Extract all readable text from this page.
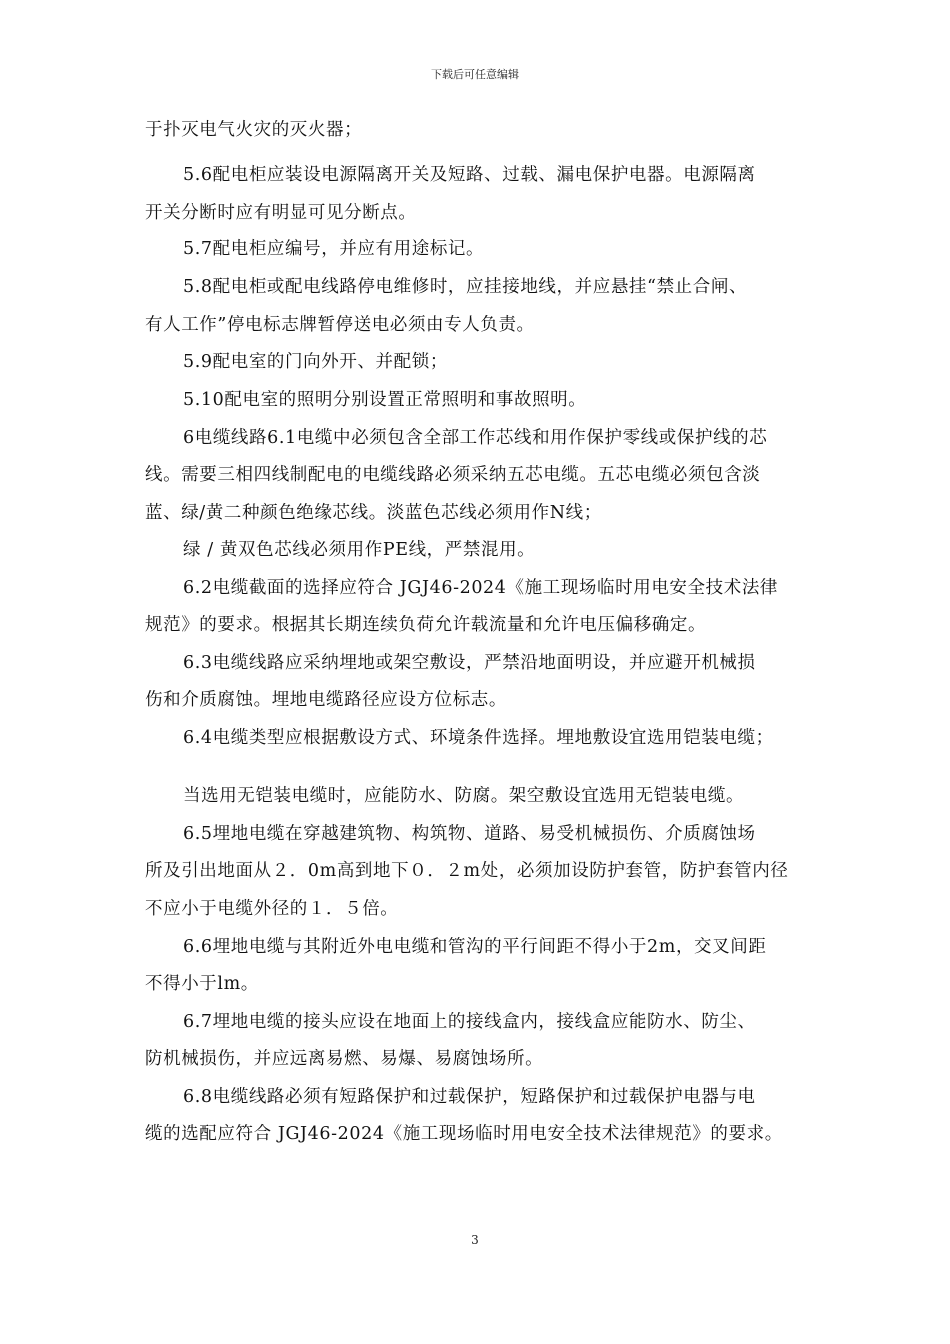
下载后可任意编辑
于扑灭电气火灾的灭火器；
5.6配电柜应装设电源隔离开关及短路、过载、漏电保护电器。电源隔离
开关分断时应有明显可见分断点。
5.7配电柜应编号，并应有用途标记。
5.8配电柜或配电线路停电维修时，应挂接地线，并应悬挂“禁止合闸、
有人工作”停电标志牌暂停送电必须由专人负责。
5.9配电室的门向外开、并配锁；
5.10配电室的照明分别设置正常照明和事故照明。
6电缆线路6.1电缆中必须包含全部工作芯线和用作保护零线或保护线的芯
线。需要三相四线制配电的电缆线路必须采纳五芯电缆。五芯电缆必须包含淡
蓝、绿/黄二种颜色绝缘芯线。淡蓝色芯线必须用作N线；
绿 / 黄双色芯线必须用作PE线，严禁混用。
6.2电缆截面的选择应符合 JGJ46-2024《施工现场临时用电安全技术法律
规范》的要求。根据其长期连续负荷允许载流量和允许电压偏移确定。
6.3电缆线路应采纳埋地或架空敷设，严禁沿地面明设，并应避开机械损
伤和介质腐蚀。埋地电缆路径应设方位标志。
6.4电缆类型应根据敷设方式、环境条件选择。埋地敷设宜选用铠装电缆；
当选用无铠装电缆时，应能防水、防腐。架空敷设宜选用无铠装电缆。
6.5埋地电缆在穿越建筑物、构筑物、道路、易受机械损伤、介质腐蚀场
所及引出地面从２．0m高到地下０．２m处，必须加设防护套管，防护套管内径
不应小于电缆外径的１．５倍。
6.6埋地电缆与其附近外电电缆和管沟的平行间距不得小于2m，交叉间距
不得小于lm。
6.7埋地电缆的接头应设在地面上的接线盒内，接线盒应能防水、防尘、
防机械损伤，并应远离易燃、易爆、易腐蚀场所。
6.8电缆线路必须有短路保护和过载保护，短路保护和过载保护电器与电
缆的选配应符合 JGJ46-2024《施工现场临时用电安全技术法律规范》的要求。
3
